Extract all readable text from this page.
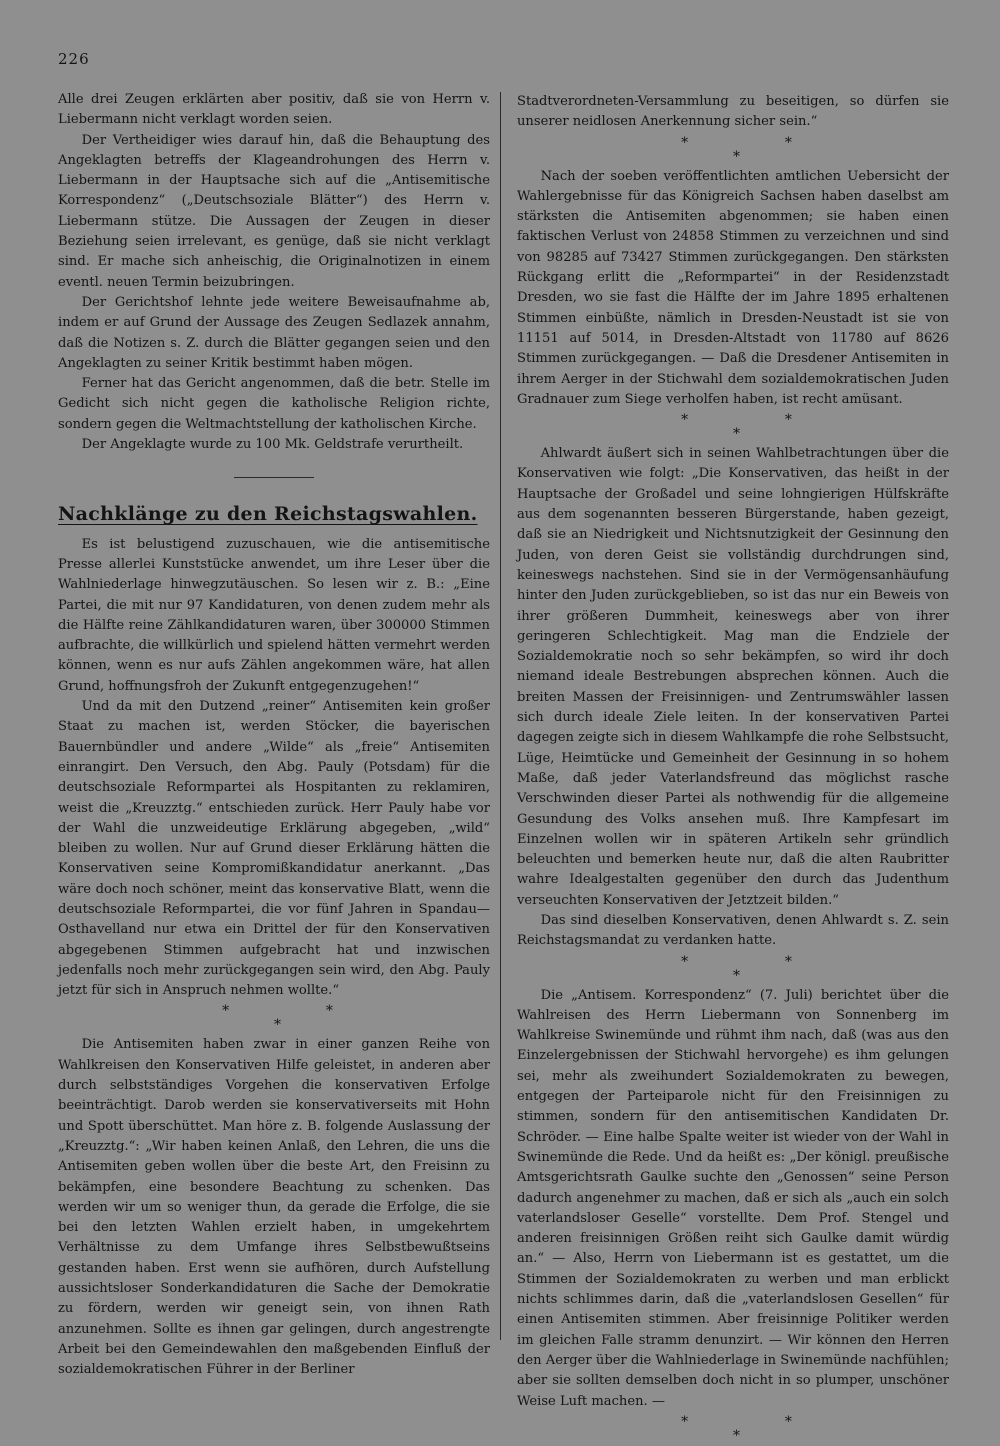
226

Alle drei Zeugen erklärten aber positiv, daß sie von Herrn v. Liebermann nicht verklagt worden seien.

Der Vertheidiger wies darauf hin, daß die Behauptung des Angeklagten betreffs der Klageandrohungen des Herrn v. Liebermann in der Hauptsache sich auf die „Antisemitische Korrespondenz“ („Deutschsoziale Blätter“) des Herrn v. Liebermann stütze. Die Aussagen der Zeugen in dieser Beziehung seien irrelevant, es genüge, daß sie nicht verklagt sind. Er mache sich anheischig, die Originalnotizen in einem eventl. neuen Termin beizubringen.

Der Gerichtshof lehnte jede weitere Beweisaufnahme ab, indem er auf Grund der Aussage des Zeugen Sedlazek annahm, daß die Notizen s. Z. durch die Blätter gegangen seien und den Angeklagten zu seiner Kritik bestimmt haben mögen.

Ferner hat das Gericht angenommen, daß die betr. Stelle im Gedicht sich nicht gegen die katholische Religion richte, sondern gegen die Weltmachtstellung der katholischen Kirche.

Der Angeklagte wurde zu 100 Mk. Geldstrafe verurtheilt.

Nachklänge zu den Reichstagswahlen.

Es ist belustigend zuzuschauen, wie die antisemitische Presse allerlei Kunststücke anwendet, um ihre Leser über die Wahlniederlage hinwegzutäuschen. So lesen wir z. B.: „Eine Partei, die mit nur 97 Kandidaturen, von denen zudem mehr als die Hälfte reine Zählkandidaturen waren, über 300000 Stimmen aufbrachte, die willkürlich und spielend hätten vermehrt werden können, wenn es nur aufs Zählen angekommen wäre, hat allen Grund, hoffnungsfroh der Zukunft entgegenzugehen!“

Und da mit den Dutzend „reiner“ Antisemiten kein großer Staat zu machen ist, werden Stöcker, die bayerischen Bauernbündler und andere „Wilde“ als „freie“ Antisemiten einrangirt. Den Versuch, den Abg. Pauly (Potsdam) für die deutschsoziale Reformpartei als Hospitanten zu reklamiren, weist die „Kreuzztg.“ entschieden zurück. Herr Pauly habe vor der Wahl die unzweideutige Erklärung abgegeben, „wild“ bleiben zu wollen. Nur auf Grund dieser Erklärung hätten die Konservativen seine Kompromißkandidatur anerkannt. „Das wäre doch noch schöner, meint das konservative Blatt, wenn die deutschsoziale Reformpartei, die vor fünf Jahren in Spandau—Osthavelland nur etwa ein Drittel der für den Konservativen abgegebenen Stimmen aufgebracht hat und inzwischen jedenfalls noch mehr zurückgegangen sein wird, den Abg. Pauly jetzt für sich in Anspruch nehmen wollte.“

*
*
*

Die Antisemiten haben zwar in einer ganzen Reihe von Wahlkreisen den Konservativen Hilfe geleistet, in anderen aber durch selbstständiges Vorgehen die konservativen Erfolge beeinträchtigt. Darob werden sie konservativerseits mit Hohn und Spott überschüttet. Man höre z. B. folgende Auslassung der „Kreuzztg.“: „Wir haben keinen Anlaß, den Lehren, die uns die Antisemiten geben wollen über die beste Art, den Freisinn zu bekämpfen, eine besondere Beachtung zu schenken. Das werden wir um so weniger thun, da gerade die Erfolge, die sie bei den letzten Wahlen erzielt haben, in umgekehrtem Verhältnisse zu dem Umfange ihres Selbstbewußtseins gestanden haben. Erst wenn sie aufhören, durch Aufstellung aussichtsloser Sonderkandidaturen die Sache der Demokratie zu fördern, werden wir geneigt sein, von ihnen Rath anzunehmen. Sollte es ihnen gar gelingen, durch angestrengte Arbeit bei den Gemeindewahlen den maßgebenden Einfluß der sozialdemokratischen Führer in der Berliner

Stadtverordneten-Versammlung zu beseitigen, so dürfen sie unserer neidlosen Anerkennung sicher sein.“

*
*
*

Nach der soeben veröffentlichten amtlichen Uebersicht der Wahlergebnisse für das Königreich Sachsen haben daselbst am stärksten die Antisemiten abgenommen; sie haben einen faktischen Verlust von 24858 Stimmen zu verzeichnen und sind von 98285 auf 73427 Stimmen zurückgegangen. Den stärksten Rückgang erlitt die „Reformpartei“ in der Residenzstadt Dresden, wo sie fast die Hälfte der im Jahre 1895 erhaltenen Stimmen einbüßte, nämlich in Dresden-Neustadt ist sie von 11151 auf 5014, in Dresden-Altstadt von 11780 auf 8626 Stimmen zurückgegangen. — Daß die Dresdener Antisemiten in ihrem Aerger in der Stichwahl dem sozialdemokratischen Juden Gradnauer zum Siege verholfen haben, ist recht amüsant.

*
*
*

Ahlwardt äußert sich in seinen Wahlbetrachtungen über die Konservativen wie folgt: „Die Konservativen, das heißt in der Hauptsache der Großadel und seine lohngierigen Hülfskräfte aus dem sogenannten besseren Bürgerstande, haben gezeigt, daß sie an Niedrigkeit und Nichtsnutzigkeit der Gesinnung den Juden, von deren Geist sie vollständig durchdrungen sind, keineswegs nachstehen. Sind sie in der Vermögensanhäufung hinter den Juden zurückgeblieben, so ist das nur ein Beweis von ihrer größeren Dummheit, keineswegs aber von ihrer geringeren Schlechtigkeit. Mag man die Endziele der Sozialdemokratie noch so sehr bekämpfen, so wird ihr doch niemand ideale Bestrebungen absprechen können. Auch die breiten Massen der Freisinnigen- und Zentrumswähler lassen sich durch ideale Ziele leiten. In der konservativen Partei dagegen zeigte sich in diesem Wahlkampfe die rohe Selbstsucht, Lüge, Heimtücke und Gemeinheit der Gesinnung in so hohem Maße, daß jeder Vaterlandsfreund das möglichst rasche Verschwinden dieser Partei als nothwendig für die allgemeine Gesundung des Volks ansehen muß. Ihre Kampfesart im Einzelnen wollen wir in späteren Artikeln sehr gründlich beleuchten und bemerken heute nur, daß die alten Raubritter wahre Idealgestalten gegenüber den durch das Judenthum verseuchten Konservativen der Jetztzeit bilden.“

Das sind dieselben Konservativen, denen Ahlwardt s. Z. sein Reichstagsmandat zu verdanken hatte.

*
*
*

Die „Antisem. Korrespondenz“ (7. Juli) berichtet über die Wahlreisen des Herrn Liebermann von Sonnenberg im Wahlkreise Swinemünde und rühmt ihm nach, daß (was aus den Einzelergebnissen der Stichwahl hervorgehe) es ihm gelungen sei, mehr als zweihundert Sozialdemokraten zu bewegen, entgegen der Parteiparole nicht für den Freisinnigen zu stimmen, sondern für den antisemitischen Kandidaten Dr. Schröder. — Eine halbe Spalte weiter ist wieder von der Wahl in Swinemünde die Rede. Und da heißt es: „Der königl. preußische Amtsgerichtsrath Gaulke suchte den „Genossen“ seine Person dadurch angenehmer zu machen, daß er sich als „auch ein solch vaterlandsloser Geselle“ vorstellte. Dem Prof. Stengel und anderen freisinnigen Größen reiht sich Gaulke damit würdig an.“ — Also, Herrn von Liebermann ist es gestattet, um die Stimmen der Sozialdemokraten zu werben und man erblickt nichts schlimmes darin, daß die „vaterlandslosen Gesellen“ für einen Antisemiten stimmen. Aber freisinnige Politiker werden im gleichen Falle stramm denunzirt. — Wir können den Herren den Aerger über die Wahlniederlage in Swinemünde nachfühlen; aber sie sollten demselben doch nicht in so plumper, unschöner Weise Luft machen. —

*
*
*
